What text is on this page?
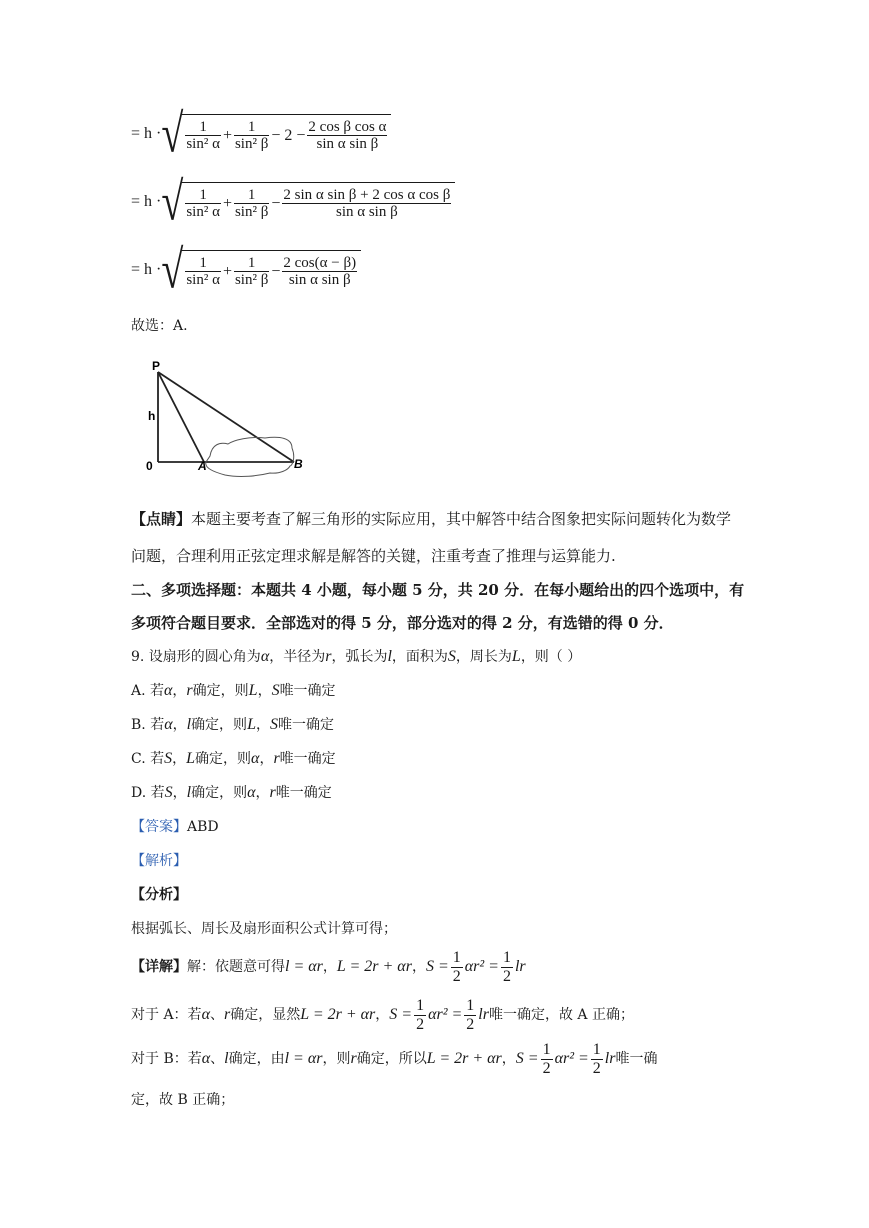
= h · √	1
sin² α
+ $\frac{1}{\text{sin² β}} - 2 - \frac{\text{2 cos β cos α}}{\text{sin α sin β}}$
= h · √	1
sin² α
+ $\frac{1}{\text{sin² β}} - \frac{\text{2 sin α sin β + 2 cos α cos β}}{\text{sin α sin β}}$
= h · √	1
sin² α
+ $\frac{1}{\text{sin² β}} - \frac{2 \cos(\alpha - \beta)}{\text{sin α sin β}}$
故选：A.
P
h
0	A	B
【点睛】本题主要考查了解三角形的实际应用，其中解答中结合图象把实际问题转化为数学
问题，合理利用正弦定理求解是解答的关键，注重考查了推理与运算能力.
二、多项选择题：本题共 4 小题，每小题 5 分，共 20 分．在每小题给出的四个选项中，有
多项符合题目要求．全部选对的得 5 分，部分选对的得 2 分，有选错的得 0 分．
9. 设扇形的圆心角为α，半径为r，弧长为l，面积为S，周长为L，则（ ）
A. 若α，r确定，则L，S唯一确定
B. 若α，l确定，则L，S唯一确定
C. 若S，L确定，则α，r唯一确定
D. 若S，l确定，则α，r唯一确定
【答案】ABD
【解析】
【分析】
根据弧长、周长及扇形面积公式计算可得；
【详解】 解：依题意可得 l = αr ， L = 2r + αr ， $S = \frac{1}{2} \alpha r^2 = \frac{1}{2}$ lr
对于 A：若 α 、 r 确定，显然 L = 2r + αr ， $S = \frac{1}{2} \alpha r^2 = \frac{1}{2}$ lr 唯一确定，故 A 正确；
对于 B：若 α 、 l 确定，由 l = αr ，则 r 确定，所以 L = 2r + αr ， $S = \frac{1}{2} \alpha r^2 = \frac{1}{2}$ lr 唯一确
定，故 B 正确；
